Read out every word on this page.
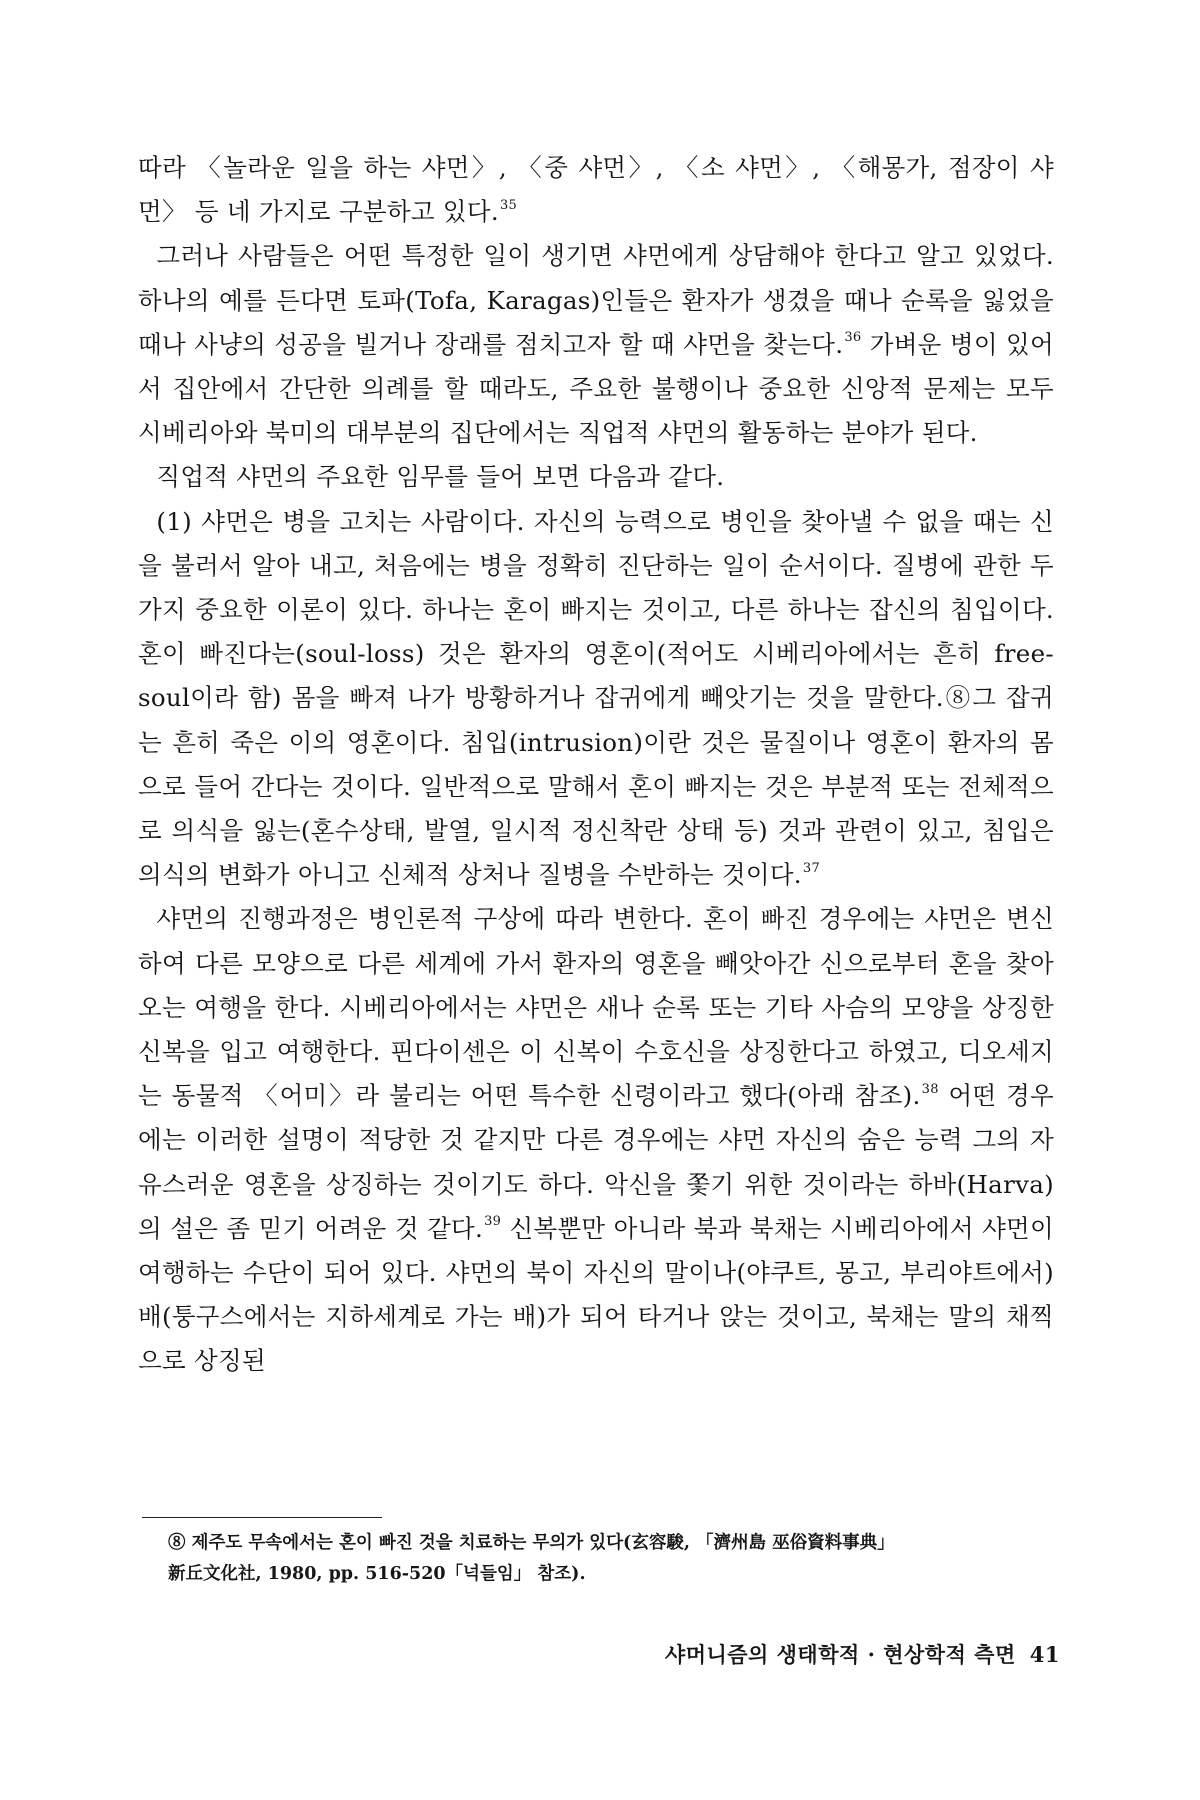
따라 〈놀라운 일을 하는 샤먼〉, 〈중 샤먼〉, 〈소 샤먼〉, 〈해몽가, 점장이 샤먼〉 등 네 가지로 구분하고 있다.$^{35}$

그러나 사람들은 어떤 특정한 일이 생기면 샤먼에게 상담해야 한다고 알고 있었다. 하나의 예를 든다면 토파(Tofa, Karagas)인들은 환자가 생겼을 때나 순록을 잃었을 때나 사냥의 성공을 빌거나 장래를 점치고자 할 때 샤먼을 찾는다.$^{36}$ 가벼운 병이 있어서 집안에서 간단한 의례를 할 때라도, 주요한 불행이나 중요한 신앙적 문제는 모두 시베리아와 북미의 대부분의 집단에서는 직업적 샤먼의 활동하는 분야가 된다.

직업적 샤먼의 주요한 임무를 들어 보면 다음과 같다.

(1) 샤먼은 병을 고치는 사람이다. 자신의 능력으로 병인을 찾아낼 수 없을 때는 신을 불러서 알아 내고, 처음에는 병을 정확히 진단하는 일이 순서이다. 질병에 관한 두 가지 중요한 이론이 있다. 하나는 혼이 빠지는 것이고, 다른 하나는 잡신의 침입이다. 혼이 빠진다는(soul-loss) 것은 환자의 영혼이(적어도 시베리아에서는 흔히 free-soul이라 함) 몸을 빠져 나가 방황하거나 잡귀에게 빼앗기는 것을 말한다.⑧그 잡귀는 흔히 죽은 이의 영혼이다. 침입(intrusion)이란 것은 물질이나 영혼이 환자의 몸으로 들어 간다는 것이다. 일반적으로 말해서 혼이 빠지는 것은 부분적 또는 전체적으로 의식을 잃는(혼수상태, 발열, 일시적 정신착란 상태 등) 것과 관련이 있고, 침입은 의식의 변화가 아니고 신체적 상처나 질병을 수반하는 것이다.$^{37}$

샤먼의 진행과정은 병인론적 구상에 따라 변한다. 혼이 빠진 경우에는 샤먼은 변신하여 다른 모양으로 다른 세계에 가서 환자의 영혼을 빼앗아간 신으로부터 혼을 찾아오는 여행을 한다. 시베리아에서는 샤먼은 새나 순록 또는 기타 사슴의 모양을 상징한 신복을 입고 여행한다. 핀다이센은 이 신복이 수호신을 상징한다고 하였고, 디오세지는 동물적 〈어미〉라 불리는 어떤 특수한 신령이라고 했다(아래 참조).$^{38}$ 어떤 경우에는 이러한 설명이 적당한 것 같지만 다른 경우에는 샤먼 자신의 숨은 능력 그의 자유스러운 영혼을 상징하는 것이기도 하다. 악신을 쫓기 위한 것이라는 하바(Harva)의 설은 좀 믿기 어려운 것 같다.$^{39}$ 신복뿐만 아니라 북과 북채는 시베리아에서 샤먼이 여행하는 수단이 되어 있다. 샤먼의 북이 자신의 말이나(야쿠트, 몽고, 부리야트에서) 배(퉁구스에서는 지하세계로 가는 배)가 되어 타거나 앉는 것이고, 북채는 말의 채찍으로 상징된

⑧ 제주도 무속에서는 혼이 빠진 것을 치료하는 무의가 있다(玄容駿, 「濟州島 巫俗資料事典」

新丘文化社, 1980, pp. 516-520「넉들임」 참조).

샤머니즘의 생태학적 · 현상학적 측면 41
